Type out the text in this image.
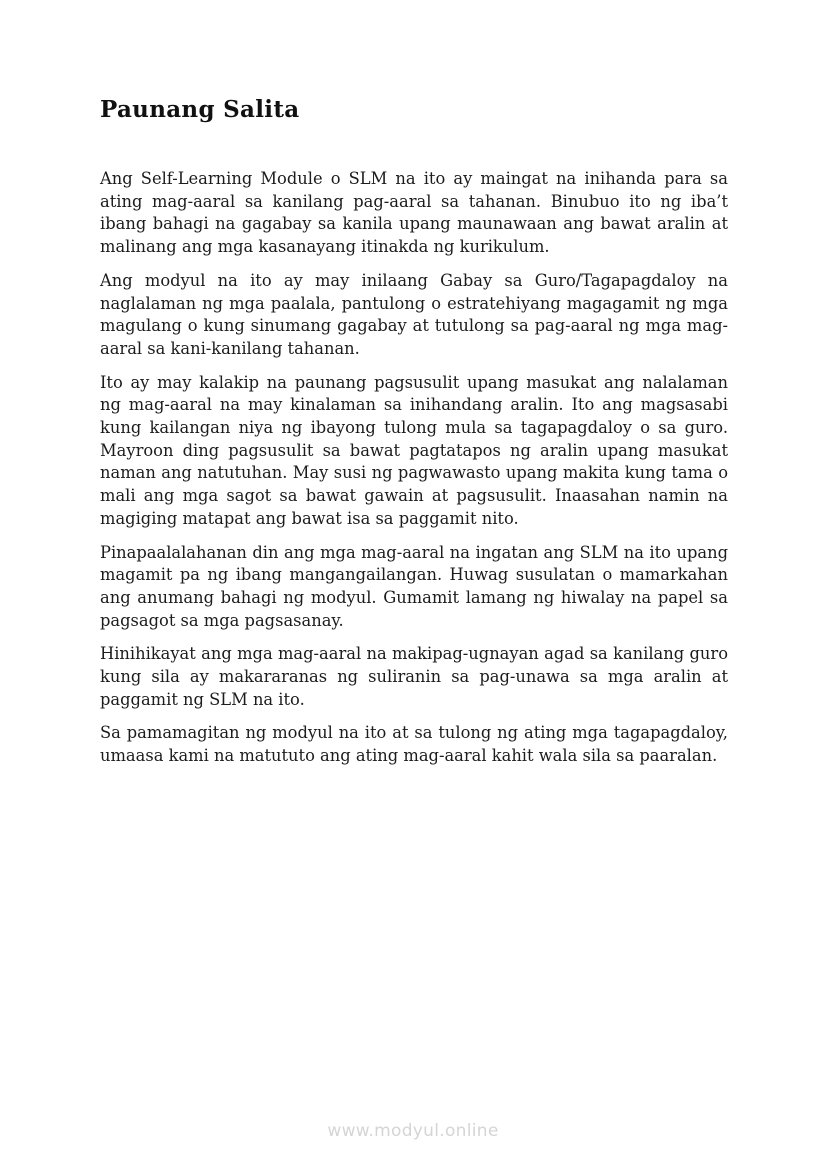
Paunang Salita

Ang Self-Learning Module o SLM na ito ay maingat na inihanda para sa ating mag-aaral sa kanilang pag-aaral sa tahanan. Binubuo ito ng iba’t ibang bahagi na gagabay sa kanila upang maunawaan ang bawat aralin at malinang ang mga kasanayang itinakda ng kurikulum.

Ang modyul na ito ay may inilaang Gabay sa Guro/Tagapagdaloy na naglalaman ng mga paalala, pantulong o estratehiyang magagamit ng mga magulang o kung sinumang gagabay at tutulong sa pag-aaral ng mga mag-aaral sa kani-kanilang tahanan.

Ito ay may kalakip na paunang pagsusulit upang masukat ang nalalaman ng mag-aaral na may kinalaman sa inihandang aralin. Ito ang magsasabi kung kailangan niya ng ibayong tulong mula sa tagapagdaloy o sa guro. Mayroon ding pagsusulit sa bawat pagtatapos ng aralin upang masukat naman ang natutuhan. May susi ng pagwawasto upang makita kung tama o mali ang mga sagot sa bawat gawain at pagsusulit. Inaasahan namin na magiging matapat ang bawat isa sa paggamit nito.

Pinapaalalahanan din ang mga mag-aaral na ingatan ang SLM na ito upang magamit pa ng ibang mangangailangan. Huwag susulatan o mamarkahan ang anumang bahagi ng modyul. Gumamit lamang ng hiwalay na papel sa pagsagot sa mga pagsasanay.

Hinihikayat ang mga mag-aaral na makipag-ugnayan agad sa kanilang guro kung sila ay makararanas ng suliranin sa pag-unawa sa mga aralin at paggamit ng SLM na ito.

Sa pamamagitan ng modyul na ito at sa tulong ng ating mga tagapagdaloy, umaasa kami na matututo ang ating mag-aaral kahit wala sila sa paaralan.

www.modyul.online
